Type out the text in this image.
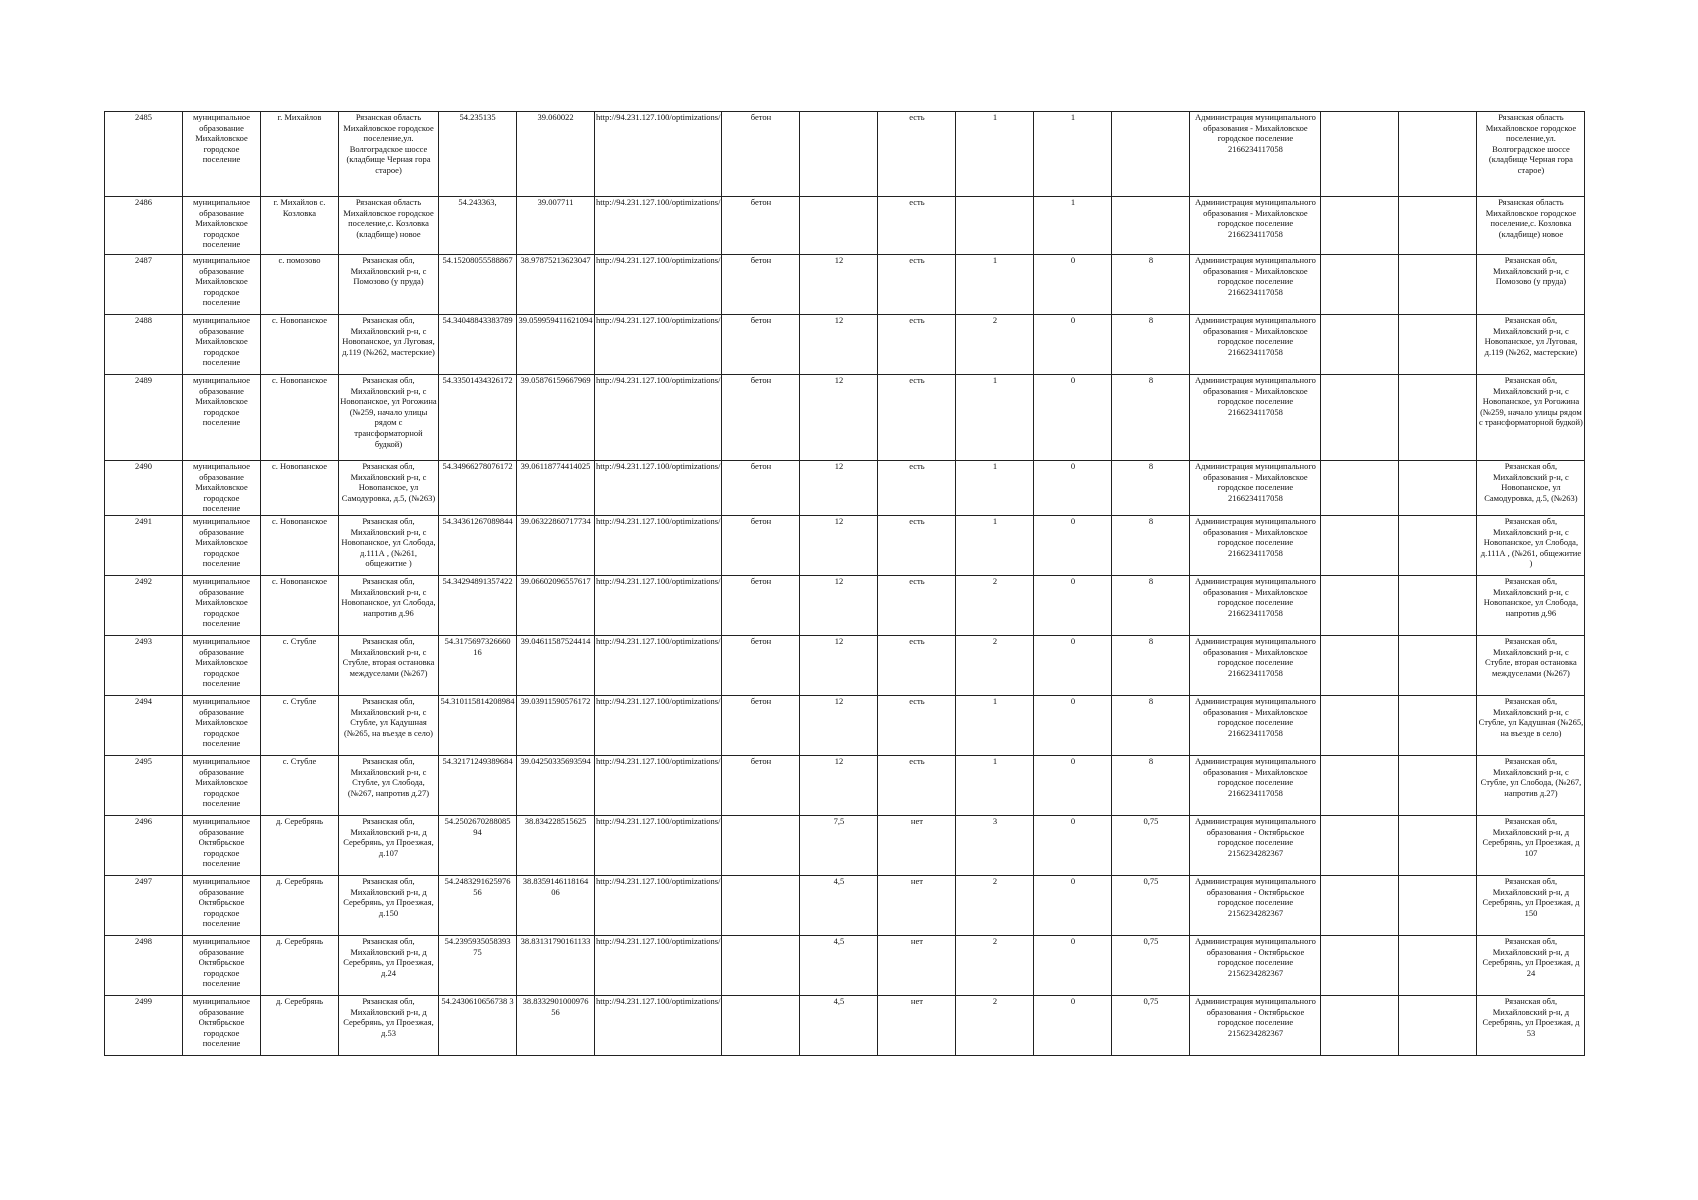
2485	муниципальное образование Михайловское городское поселение	г. Михайлов	Рязанская область Михайловское городское поселение,ул. Волгоградское шоссе (кладбище Черная гора старое)	54.235135	39.060022	http://94.231.127.100/optimizations/	бетон		есть	1	1		Администрация муниципального образования - Михайловское городское поселение 2166234117058			Рязанская область Михайловское городское поселение,ул. Волгоградское шоссе (кладбище Черная гора старое)
2486	муниципальное образование Михайловское городское поселение	г. Михайлов с. Козловка	Рязанская область Михайловское городское поселение,с. Козловка (кладбище) новое	54.243363,	39.007711	http://94.231.127.100/optimizations/	бетон		есть		1		Администрация муниципального образования - Михайловское городское поселение 2166234117058			Рязанская область Михайловское городское поселение,с. Козловка (кладбище) новое
2487	муниципальное образование Михайловское городское поселение	с. помозово	Рязанская обл, Михайловский р-н, с Помозово (у пруда)	54.15208055588867	38.97875213623047	http://94.231.127.100/optimizations/	бетон	12	есть	1	0	8	Администрация муниципального образования - Михайловское городское поселение 2166234117058			Рязанская обл, Михайловский р-н, с Помозово (у пруда)
2488	муниципальное образование Михайловское городское поселение	с. Новопанское	Рязанская обл, Михайловский р-н, с Новопанское, ул Луговая, д.119 (№262, мастерские)	54.34048843383789	39.059959411621094	http://94.231.127.100/optimizations/	бетон	12	есть	2	0	8	Администрация муниципального образования - Михайловское городское поселение 2166234117058			Рязанская обл, Михайловский р-н, с Новопанское, ул Луговая, д.119 (№262, мастерские)
2489	муниципальное образование Михайловское городское поселение	с. Новопанское	Рязанская обл, Михайловский р-н, с Новопанское, ул Рогожина (№259, начало улицы рядом с трансформаторной будкой)	54.33501434326172	39.05876159667969	http://94.231.127.100/optimizations/	бетон	12	есть	1	0	8	Администрация муниципального образования - Михайловское городское поселение 2166234117058			Рязанская обл, Михайловский р-н, с Новопанское, ул Рогожина (№259, начало улицы рядом с трансформаторной будкой)
2490	муниципальное образование Михайловское городское поселение	с. Новопанское	Рязанская обл, Михайловский р-н, с Новопанское, ул Самодуровка, д.5, (№263)	54.34966278076172	39.06118774414025	http://94.231.127.100/optimizations/	бетон	12	есть	1	0	8	Администрация муниципального образования - Михайловское городское поселение 2166234117058			Рязанская обл, Михайловский р-н, с Новопанское, ул Самодуровка, д.5, (№263)
2491	муниципальное образование Михайловское городское поселение	с. Новопанское	Рязанская обл, Михайловский р-н, с Новопанское, ул Слобода, д.111А , (№261, общежитие )	54.34361267089844	39.06322860717734	http://94.231.127.100/optimizations/	бетон	12	есть	1	0	8	Администрация муниципального образования - Михайловское городское поселение 2166234117058			Рязанская обл, Михайловский р-н, с Новопанское, ул Слобода, д.111А , (№261, общежитие )
2492	муниципальное образование Михайловское городское поселение	с. Новопанское	Рязанская обл, Михайловский р-н, с Новопанское, ул Слобода, напротив д.96	54.34294891357422	39.06602096557617	http://94.231.127.100/optimizations/	бетон	12	есть	2	0	8	Администрация муниципального образования - Михайловское городское поселение 2166234117058			Рязанская обл, Михайловский р-н, с Новопанское, ул Слобода, напротив д.96
2493	муниципальное образование Михайловское городское поселение	с. Стубле	Рязанская обл, Михайловский р-н, с Стубле, вторая остановка междуселами (№267)	54.3175697326660 16	39.04611587524414	http://94.231.127.100/optimizations/	бетон	12	есть	2	0	8	Администрация муниципального образования - Михайловское городское поселение 2166234117058			Рязанская обл, Михайловский р-н, с Стубле, вторая остановка междуселами (№267)
2494	муниципальное образование Михайловское городское поселение	с. Стубле	Рязанская обл, Михайловский р-н, с Стубле, ул Кадушная (№265, на въезде в село)	54.310115814208984	39.03911590576172	http://94.231.127.100/optimizations/	бетон	12	есть	1	0	8	Администрация муниципального образования - Михайловское городское поселение 2166234117058			Рязанская обл, Михайловский р-н, с Стубле, ул Кадушная (№265, на въезде в село)
2495	муниципальное образование Михайловское городское поселение	с. Стубле	Рязанская обл, Михайловский р-н, с Стубле, ул Слобода, (№267, напротив д.27)	54.32171249389684	39.04250335693594	http://94.231.127.100/optimizations/	бетон	12	есть	1	0	8	Администрация муниципального образования - Михайловское городское поселение 2166234117058			Рязанская обл, Михайловский р-н, с Стубле, ул Слобода, (№267, напротив д.27)
2496	муниципальное образование Октябрьское городское поселение	д. Серебрянь	Рязанская обл, Михайловский р-н, д Серебрянь, ул Проезжая, д.107	54.2502670288085 94	38.834228515625	http://94.231.127.100/optimizations/		7,5	нет	3	0	0,75	Администрация муниципального образования - Октябрьское городское поселение 2156234282367			Рязанская обл, Михайловский р-н, д Серебрянь, ул Проезжая, д 107
2497	муниципальное образование Октябрьское городское поселение	д. Серебрянь	Рязанская обл, Михайловский р-н, д Серебрянь, ул Проезжая, д.150	54.2483291625976 56	38.8359146118164 06	http://94.231.127.100/optimizations/		4,5	нет	2	0	0,75	Администрация муниципального образования - Октябрьское городское поселение 2156234282367			Рязанская обл, Михайловский р-н, д Серебрянь, ул Проезжая, д 150
2498	муниципальное образование Октябрьское городское поселение	д. Серебрянь	Рязанская обл, Михайловский р-н, д Серебрянь, ул Проезжая, д.24	54.2395935058393 75	38.83131790161133	http://94.231.127.100/optimizations/		4,5	нет	2	0	0,75	Администрация муниципального образования - Октябрьское городское поселение 2156234282367			Рязанская обл, Михайловский р-н, д Серебрянь, ул Проезжая, д 24
2499	муниципальное образование Октябрьское городское поселение	д. Серебрянь	Рязанская обл, Михайловский р-н, д Серебрянь, ул Проезжая, д.53	54.2430610656738 3	38.8332901000976 56	http://94.231.127.100/optimizations/		4,5	нет	2	0	0,75	Администрация муниципального образования - Октябрьское городское поселение 2156234282367			Рязанская обл, Михайловский р-н, д Серебрянь, ул Проезжая, д 53
